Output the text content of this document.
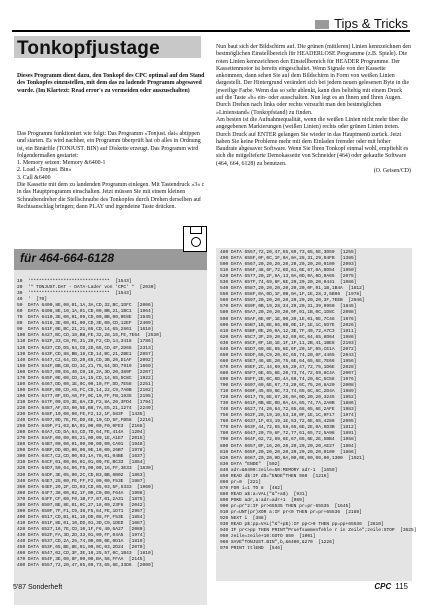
Tips & Tricks
Tonkopfjustage
Dieses Programm dient dazu, den Tonkopf des CPC optimal auf den Stand des Tonkopfes einzustellen, mit dem das zu ladende Programm abgesaved wurde. (Im Klartext: Read error's zu vermeiden oder auszuschalten)

Das Programm funktioniert wie folgt: Das Programm »Tonjust. dat« abtippen und starten. Es wird nachher, ein Programm überprüft hat ob alles in Ordnung ist, ein Binärfile (TONJUST. BIN) auf Diskette erzeugt. Das Programm wird folgendermaßen gestartet:

1. Memory setzen: Memory &6400-1

2. Load »Tonjust. Bin«

3. Call &6400

Die Kassette mit dem zu landenden Programm einlegen. Mit Tastendruck »3« c in das Hauptprogramm einschalten. Jetzt müssen Sie mit einem kleinen Schraubendreher die Stellschraube des Tonkopfes durch Drehen derselben auf Rechtsanschlag bringen; dann PLAY und irgendeine Taste drücken.

Nun baut sich der Bildschirm auf. Die grünen (mittleren) Linien kennzeichnen den bestmöglichen Einstellbereich für HEADERLOSE Programme (z.B. Spiele). Die roten Linien kennzeichnen den Einstellbereich für HEADER Programme. Der Kassettenmotor ist bereits eingeschaltet. Wenn Signale von der Kassette ankommen, dann sehen Sie auf dem Bildschirm in Form von weißen Linien dargestellt. Der Hintergrund verändert sich bei jedem neuen gelesenen Byte in die jeweilige Farbe. Wenn das so sehr ablenkt, kann dies beliebig mit einem Druck auf die Taste »b« ein- oder ausschalten. Nun legt es an Ihnen und Ihren Augen. Durch Drehen nach links oder rechts versucht man den bestmöglichen »Linienstand« (Tonkopfstand) zu finden.

Am besten ist die Aufnahmequalität, wenn die weißen Linien nicht mehr über die angegebenen Markierungen (weißen Linien) rechts oder grünen Linien treten. Durch Druck auf ENTER gelangen Sie wieder in das Hauptmenü zurück. Jetzt haben Sie keine Probleme mehr mit dem Einladen fremder oder mit höher Baudrate abgesaver Software. Wenn Sie Ihren Tonkopf einmal wohl, empfiehlt es sich die mitgelieferte Demokassette von Schneider (464) oder gekaufte Software (464, 664, 6128) zu benutzen.

(O. Geisen/CD)

für 464-664-6128
10  '*****************************  [1543]
20  '* TONJUST.DAT - DATA-Lader von 'CPC' *  [2030]
30  '*****************************  [1543]
40  '  [70]
50  DATA 6400,8E,00,01,1A,3A,CD,32,BC,1DFC  [2006]
60  DATA 6408,8E,10,1A,01,CD,00,BB,21,1BC1  [1964]
70  DATA 6410,3E,00,01,09,CD,00,BB,00,0E8E  [1945]
80  DATA 6418,3E,00,01,00,CD,3E,00,CD,12EF  [2409]
90  DATA 641F,0E,BC,21,21,65,CD,14,65,2861  [1610]
100 DATA 6427,BC,CD,18,BB,FE,32,28,15,FE,7E64  [2530]
110 DATA 642F,33,C8,FE,31,20,F2,CD,14,3416  [1786]
120 DATA 6437,CD,D5,64,CD,2D,65,CD,4F,2D65  [2313]
130 DATA 643F,CD,88,BB,16,CD,14,BC,21,2BE1  [2057]
140 DATA 6447,C2,64,CD,20,65,CD,3B,20,D1AF  [2092]
150 DATA 644F,BB,CB,CD,1C,21,75,64,DD,7919  [1669]
160 DATA 6457,00,E6,40,C0,18,2A,3D,20,389F  [2207]
170 DATA 645F,0E,00,CD,1A,15,CD,14,65,5C8C  [1922]
180 DATA 6467,DD,00,1E,0C,00,10,FF,DD,7E58  [2251]
190 DATA 646F,00,CD,A5,FC,CD,14,22,C9,7A0B  [2102]
200 DATA 6477,0F,ED,A0,FF,0C,10,FF,FB,1935  [2195]
210 DATA 647F,00,E9,3E,8A,CD,F2,8A,20,3FD4  [1794]
220 DATA 6487,AF,D3,60,5E,B8,7A,E5,21,1274  [2249]
230 DATA 648F,10,00,00,FE,F2,12,1F,583F  [1435]
240 DATA 6497,0D,7E,FE,DD,6E,10,CD,5F,FB58  [2216]
250 DATA 649F,F1,03,BA,01,00,00,F0,0FE3  [2168]
260 DATA 64A7,CD,DA,64,CD,7D,64,FE,414A  [1204]
270 DATA 64AF,00,00,05,21,00,00,1E,A1E7  [2015]
280 DATA 64B7,00,00,01,00,00,00,00,CA01  [1948]
290 DATA 64BF,DD,0D,00,00,0E,10,00,26B7  [1978]
300 DATA 64C7,C2,CD,00,03,1A,78,01,04BE  [1637]
310 DATA 64CF,01,00,06,01,01,00,FE,BC33  [1854]
320 DATA 64D7,50,64,06,F5,00,00,16,FF,3E33  [1830]
330 DATA 64DF,3E,05,00,2C,CD,B3,BB,6B02  [1863]
340 DATA 64E7,25,00,FE,FF,F2,00,00,F53E  [1987]
350 DATA 64EF,29,2F,CD,03,CD,05,03,5F,5333  [1960]
360 DATA 64F7,38,00,02,1F,00,C0,00,F64A  [1998]
370 DATA 64FF,CF,00,F0,1B,F7,07,01,2A31  [1875]
380 DATA 6507,BE,8E,01,0C,27,18,00,23F6  [2042]
390 DATA 650F,7F,F1,C9,38,F5,64,FE,1D71  [2957]
400 DATA 6517,CD,B1,01,10,DD,08,FF,F53E  [1854]
410 DATA 651F,8E,01,10,DD,01,3D,C9,1DED  [1087]
420 DATA 6527,16,7E,CD,10,1F,F6,40,6A27  [2080]
430 DATA 652F,FA,3D,2D,33,01,00,FF,04A5  [1974]
440 DATA 6537,CD,2A,25,74,00,00,0E,0D1A  [1819]
450 DATA 653F,65,BE,8E,01,09,0C,03,2D24  [2070]
460 DATA 6547,02,CD,3F,3E,10,25,57,0C,1B43  [1810]
470 DATA 654F,3E,00,8F,00,00,BA,58,FFAA  [2145]
480 DATA 6557,72,20,47,65,69,73,65,6E,33D6  [2000]
480 DATA 6557,72,20,47,65,69,73,65,6E,3D59  [1255]
490 DATA 655F,0F,0C,1F,0A,0A,28,31,29,04FB  [1385]
500 DATA 6567,20,20,20,20,20,20,20,20,0100  [2093]
510 DATA 656F,48,6F,72,6D,61,6E,67,0A,0D54  [1950]
520 DATA 6577,20,2F,0A,13,0A,0D,0A,0D,0A65  [2075]
530 DATA 657F,74,69,6F,6E,20,20,20,20,0441  [1986]
540 DATA 6587,20,20,20,20,20,20,0F,01,1B,1B4A  [1812]
550 DATA 658F,0A,0D,1F,0B,0A,1F,1E,28,3,5B96  [1978]
560 DATA 6597,20,20,20,20,20,20,20,20,3F,7EEB  [2046]
570 DATA 659F,0B,19,28,34,29,20,31,39,9950  [1845]
580 DATA 65A7,20,20,20,20,0F,01,1B,0C,1D8C  [2098]
590 DATA 65AF,0E,0F,1E,00,20,1E,01,0E,7C48  [1976]
600 DATA 65B7,1B,0E,66,0B,0E,1F,1E,1C,5D7E  [2026]
610 DATA 65BF,0E,20,0A,12,3E,7F,40,72,A7C3  [1911]
620 DATA 65C7,3F,29,20,62,69,6C,64,65,8D64  [1986]
630 DATA 65CF,0F,1B,1E,1F,1F,11,2B,41,1BE8  [2193]
640 DATA 65D7,69,6E,65,6E,6F,20,1F,05,CE1A  [2072]
650 DATA 65DF,66,C9,20,6C,65,74,20,6F,4465  [2043]
660 DATA 65E7,46,8E,20,75,6E,64,65,6E,7E66  [1956]
670 DATA 65EF,2C,44,69,65,20,47,72,75,1D6E  [2028]
680 DATA 65F7,6E,65,6E,20,73,74,72,69,8C4A  [2007]
690 DATA 65FF,2E,0C,6D,4A,69,74,20,6C,5C58  [1976]
700 DATA 6607,69,6E,67,73,20,6C,75,20,8A20  [2008]
710 DATA 660F,45,69,6E,73,74,65,6C,6C,2D4A  [1989]
720 DATA 6617,75,6E,67,2E,0A,0D,20,20,3245  [1952]
730 DATA 661F,0B,0E,0D,0A,4A,65,74,7A,2A0B  [1886]
740 DATA 6627,74,20,64,72,65,68,65,6E,2AFE  [1983]
750 DATA 662F,20,19,10,53,10,0F,1E,1C,0F17  [1974]
760 DATA 6637,1F,03,19,1E,53,72,6E,65,4288  [2095]
770 DATA 663F,44,72,65,68,65,6E,2E,0A,6D3B  [1812]
780 DATA 6647,20,79,6F,72,77,61,65,72,5A98  [1891]
790 DATA 664F,62,72,69,6E,67,65,6E,2E,5BB4  [1958]
800 DATA 6657,0F,16,20,20,20,20,20,20,AE27  [1904]
810 DATA 665F,20,20,20,20,20,20,20,20,0100  [1866]
820 DATA 6667,20,20,0D,0A,00,0E,00,00,00,1300  [1921]
830 DATA "ENDE"  [502]
840 adr=&6400:zeile=50:MEMORY adr-1  [1659]
850 READ d$:IF d$="ENDE"THEN 960  [1216]
860 pr=0  [221]
870 FOR i=1 TO 8  [462]
880 READ a$:a=VAL("&"+a$)  [931]
890 POKE adr,a:adr=adr+1  [989]
900 pr=pr*2:IF pr>65535 THEN pr=pr-65535  [1645]
910 pr=UNT(pr)XOR a:IF pr<0 THEN pr=pr+65536  [2189]
920 NEXT i  [388]
930 READ p$:pp=VAL("&"+p$):IF pp<>0 THEN pp=pp+65536  [2610]
940 IF pr<>pp THEN PRINT"Pruefsummenfehle r in Zeile";zeile:STOP  [3625]
950 zeile=zeile+10:GOTO 850  [1001]
960 SAVE"TONJUST.BIN",b,&6400,&270  [1226]
970 PRINT ttlEND  [546]
5'87 Sonderheft	CPC 115
